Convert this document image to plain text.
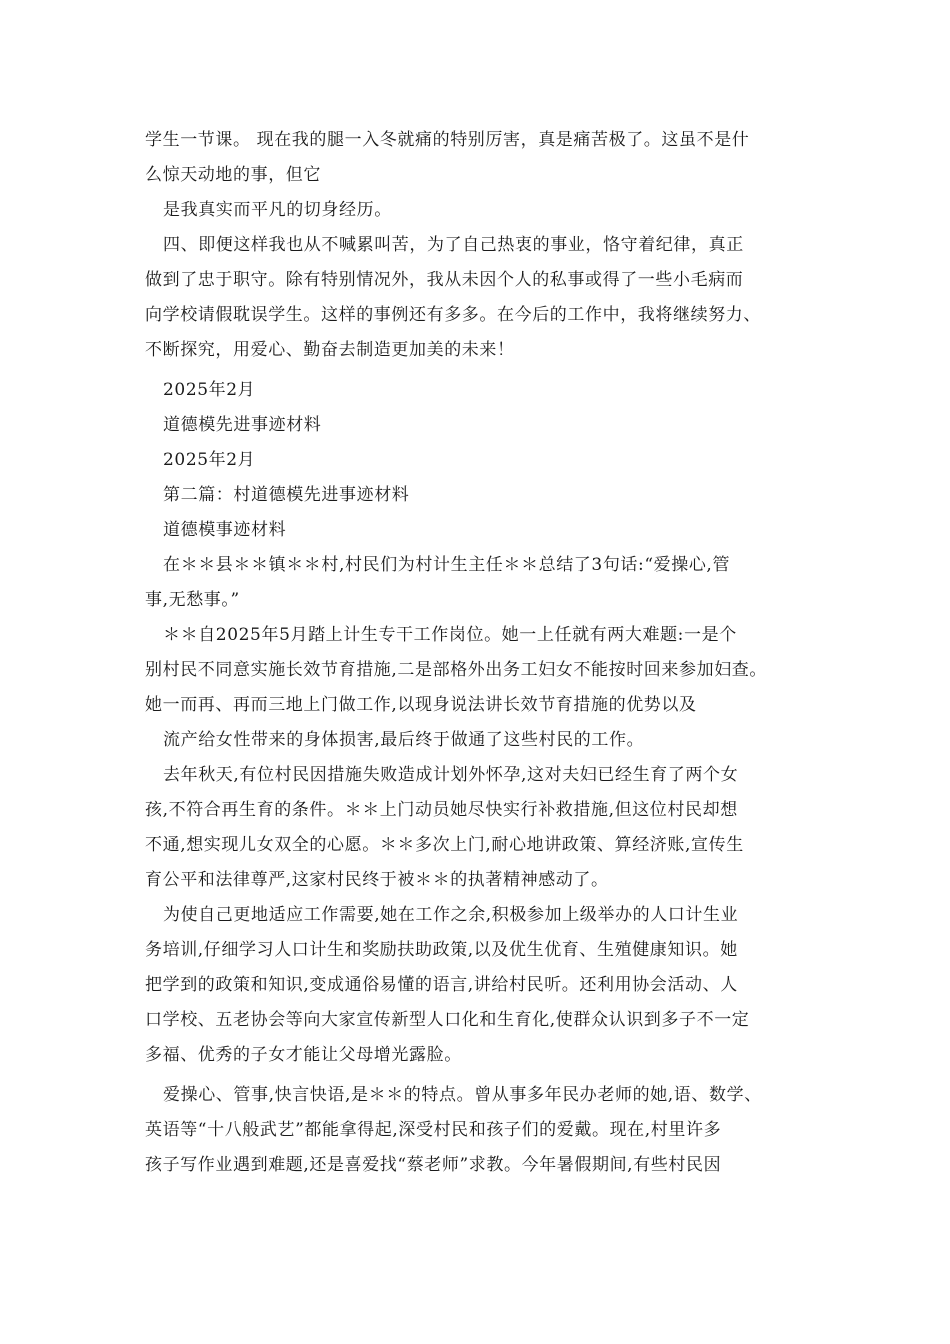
学生一节课。 现在我的腿一入冬就痛的特别厉害，真是痛苦极了。这虽不是什
么惊天动地的事，但它
是我真实而平凡的切身经历。
四、即便这样我也从不喊累叫苦，为了自己热衷的事业，恪守着纪律，真正
做到了忠于职守。除有特别情况外，我从未因个人的私事或得了一些小毛病而
向学校请假耽误学生。这样的事例还有多多。在今后的工作中，我将继续努力、
不断探究，用爱心、勤奋去制造更加美的未来！
2025年2月
道德模先进事迹材料
2025年2月
第二篇：村道德模先进事迹材料
道德模事迹材料
在＊＊县＊＊镇＊＊村,村民们为村计生主任＊＊总结了3句话:“爱操心,管
事,无愁事。”
＊＊自2025年5月踏上计生专干工作岗位。她一上任就有两大难题:一是个
别村民不同意实施长效节育措施,二是部格外出务工妇女不能按时回来参加妇查。
她一而再、再而三地上门做工作,以现身说法讲长效节育措施的优势以及
流产给女性带来的身体损害,最后终于做通了这些村民的工作。
去年秋天,有位村民因措施失败造成计划外怀孕,这对夫妇已经生育了两个女
孩,不符合再生育的条件。＊＊上门动员她尽快实行补救措施,但这位村民却想
不通,想实现儿女双全的心愿。＊＊多次上门,耐心地讲政策、算经济账,宣传生
育公平和法律尊严,这家村民终于被＊＊的执著精神感动了。
为使自己更地适应工作需要,她在工作之余,积极参加上级举办的人口计生业
务培训,仔细学习人口计生和奖励扶助政策,以及优生优育、生殖健康知识。她
把学到的政策和知识,变成通俗易懂的语言,讲给村民听。还利用协会活动、人
口学校、五老协会等向大家宣传新型人口化和生育化,使群众认识到多子不一定
多福、优秀的子女才能让父母增光露脸。
爱操心、管事,快言快语,是＊＊的特点。曾从事多年民办老师的她,语、数学、
英语等“十八般武艺”都能拿得起,深受村民和孩子们的爱戴。现在,村里许多
孩子写作业遇到难题,还是喜爱找“蔡老师”求教。今年暑假期间,有些村民因
